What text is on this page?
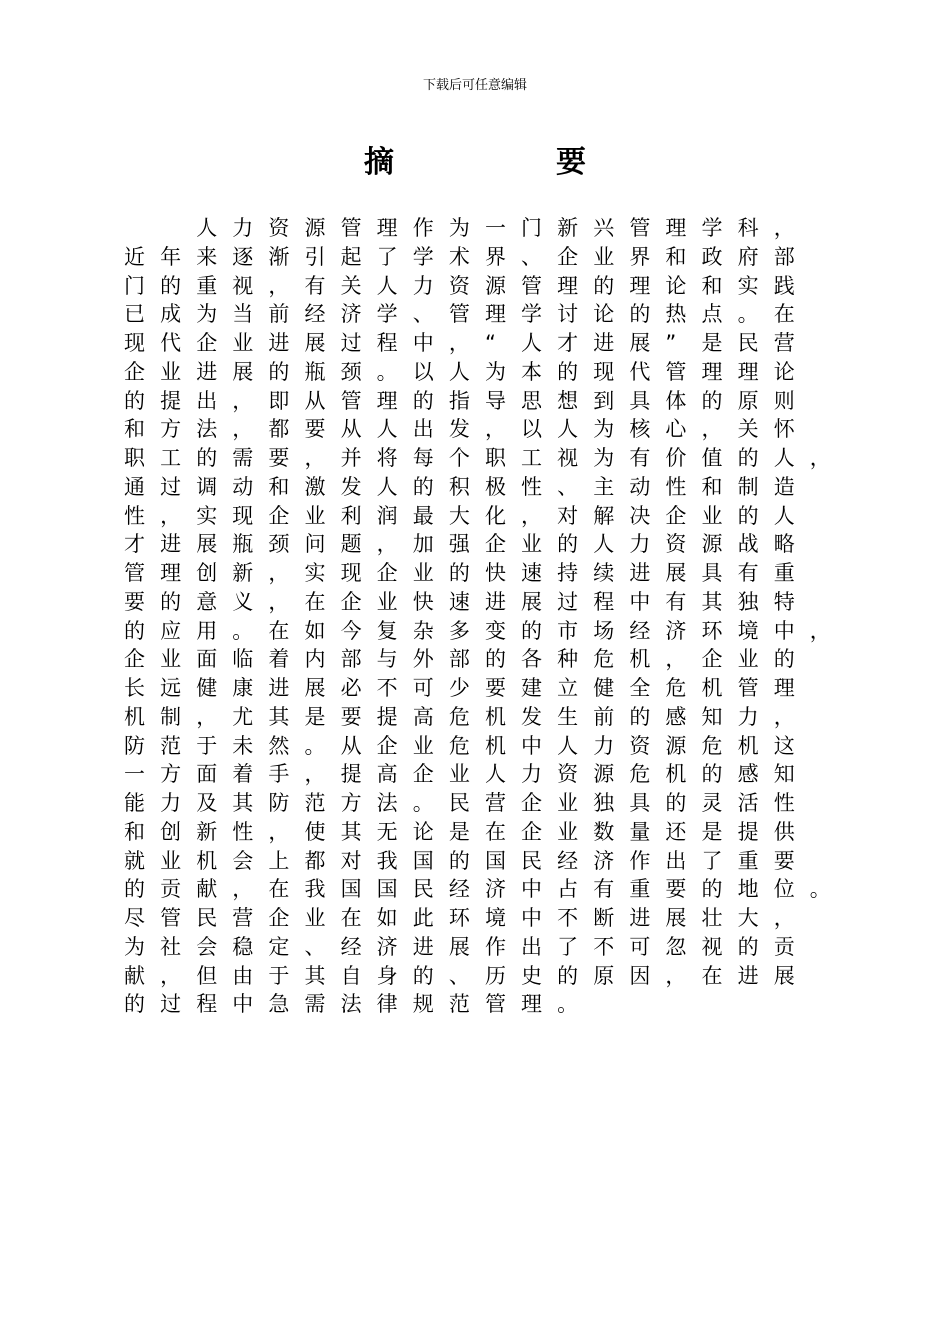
下载后可任意编辑
摘　要
　　人 力 资 源 管 理 作 为 一 门 新 兴 管 理 学 科 ，
近 年 来 逐 渐 引 起 了 学 术 界 、 企 业 界 和 政 府 部
门 的 重 视 ， 有 关 人 力 资 源 管 理 的 理 论 和 实 践
已 成 为 当 前 经 济 学 、 管 理 学 讨 论 的 热 点 。 在
现 代 企 业 进 展 过 程 中 ， “ 人 才 进 展 ” 是 民 营
企 业 进 展 的 瓶 颈 。 以 人 为 本 的 现 代 管 理 理 论
的 提 出 ， 即 从 管 理 的 指 导 思 想 到 具 体 的 原 则
和 方 法 ， 都 要 从 人 出 发 ， 以 人 为 核 心 ， 关 怀
职 工 的 需 要 ， 并 将 每 个 职 工 视 为 有 价 值 的 人 ，
通 过 调 动 和 激 发 人 的 积 极 性 、 主 动 性 和 制 造
性 ， 实 现 企 业 利 润 最 大 化 ， 对 解 决 企 业 的 人
才 进 展 瓶 颈 问 题 ， 加 强 企 业 的 人 力 资 源 战 略
管 理 创 新 ， 实 现 企 业 的 快 速 持 续 进 展 具 有 重
要 的 意 义 ， 在 企 业 快 速 进 展 过 程 中 有 其 独 特
的 应 用 。 在 如 今 复 杂 多 变 的 市 场 经 济 环 境 中 ，
企 业 面 临 着 内 部 与 外 部 的 各 种 危 机 ， 企 业 的
长 远 健 康 进 展 必 不 可 少 要 建 立 健 全 危 机 管 理
机 制 ， 尤 其 是 要 提 高 危 机 发 生 前 的 感 知 力 ，
防 范 于 未 然 。 从 企 业 危 机 中 人 力 资 源 危 机 这
一 方 面 着 手 ， 提 高 企 业 人 力 资 源 危 机 的 感 知
能 力 及 其 防 范 方 法 。 民 营 企 业 独 具 的 灵 活 性
和 创 新 性 ， 使 其 无 论 是 在 企 业 数 量 还 是 提 供
就 业 机 会 上 都 对 我 国 的 国 民 经 济 作 出 了 重 要
的 贡 献 ， 在 我 国 国 民 经 济 中 占 有 重 要 的 地 位 。
尽 管 民 营 企 业 在 如 此 环 境 中 不 断 进 展 壮 大 ，
为 社 会 稳 定 、 经 济 进 展 作 出 了 不 可 忽 视 的 贡
献 ， 但 由 于 其 自 身 的 、 历 史 的 原 因 ， 在 进 展
的 过 程 中 急 需 法 律 规 范 管 理 。
